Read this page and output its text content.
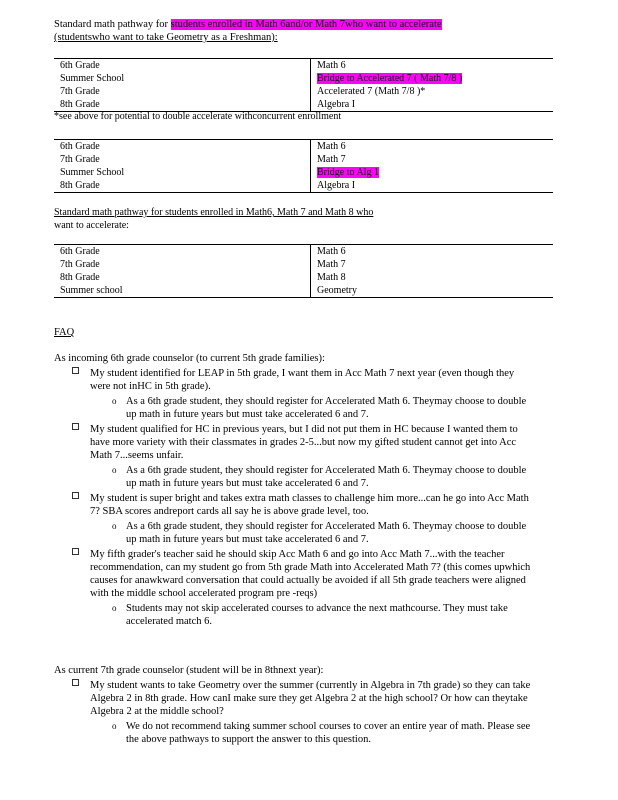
Standard math pathway for students enrolled in Math 6and/or Math 7who want to accelerate
(studentswho want to take Geometry as a Freshman):
6th Grade	Math 6
Summer School	Bridge to Accelerated 7 ( Math 7/8 )
7th Grade	Accelerated 7 (Math 7/8 )*
8th Grade	Algebra I
*see above for potential to double accelerate withconcurrent enrollment
6th Grade	Math 6
7th Grade	Math 7
Summer School	Bridge to Alg 1
8th Grade	Algebra I
Standard math pathway for students enrolled in Math6, Math 7 and Math 8 who
want to accelerate:
6th Grade	Math 6
7th Grade	Math 7
8th Grade	Math 8
Summer school	Geometry
FAQ
As incoming 6th grade counselor (to current 5th grade families):
My student identified for LEAP in 5th grade, I want them in Acc Math 7 next year (even though they were not inHC in 5th grade).
o As a 6th grade student, they should register for Accelerated Math 6. Theymay choose to double up math in future years but must take accelerated 6 and 7.
My student qualified for HC in previous years, but I did not put them in HC because I wanted them to have more variety with their classmates in grades 2-5...but now my gifted student cannot get into Acc Math 7...seems unfair.
o As a 6th grade student, they should register for Accelerated Math 6. Theymay choose to double up math in future years but must take accelerated 6 and 7.
My student is super bright and takes extra math classes to challenge him more...can he go into Acc Math 7? SBA scores andreport cards all say he is above grade level, too.
o As a 6th grade student, they should register for Accelerated Math 6. Theymay choose to double up math in future years but must take accelerated 6 and 7.
My fifth grader's teacher said he should skip Acc Math 6 and go into Acc Math 7...with the teacher recommendation, can my student go from 5th grade Math into Accelerated Math 7? (this comes upwhich causes for anawkward conversation that could actually be avoided if all 5th grade teachers were aligned with the middle school accelerated program pre -reqs)
o Students may not skip accelerated courses to advance the next mathcourse. They must take accelerated match 6.
As current 7th grade counselor (student will be in 8thnext year):
My student wants to take Geometry over the summer (currently in Algebra in 7th grade) so they can take Algebra 2 in 8th grade. How canI make sure they get Algebra 2 at the high school? Or how can theytake Algebra 2 at the middle school?
o We do not recommend taking summer school courses to cover an entire year of math. Please see the above pathways to support the answer to this question.
